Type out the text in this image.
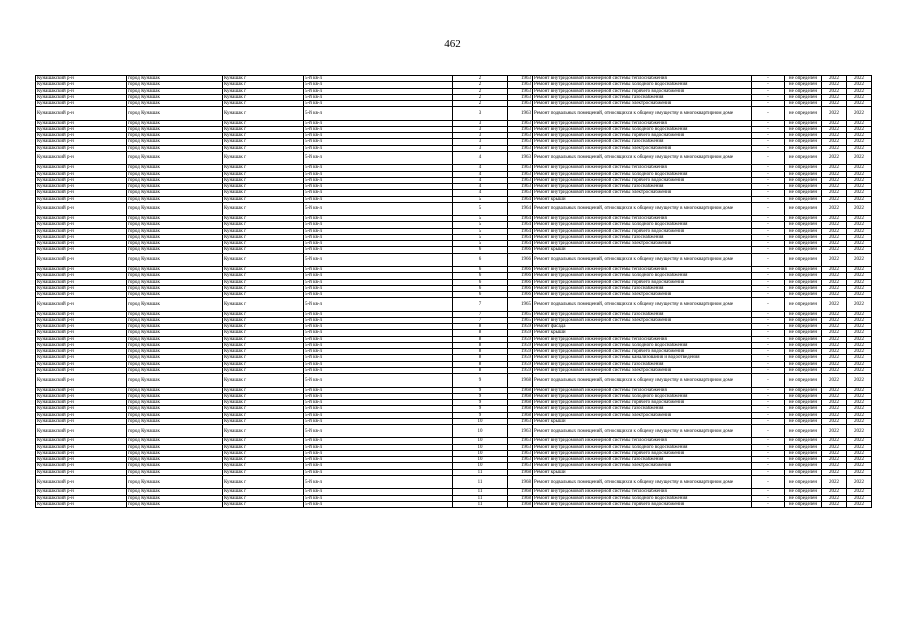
462
Кунашакский р-н	город Кунашак	Кунашак г	5-й кв-л	2	1963	Ремонт внутридомовой инженерной системы теплоснабжения	-	не определен	2022	2022
Кунашакский р-н	город Кунашак	Кунашак г	5-й кв-л	2	1963	Ремонт внутридомовой инженерной системы холодного водоснабжения	-	не определен	2022	2022
Кунашакский р-н	город Кунашак	Кунашак г	5-й кв-л	2	1963	Ремонт внутридомовой инженерной системы горячего водоснабжения	-	не определен	2022	2022
Кунашакский р-н	город Кунашак	Кунашак г	5-й кв-л	2	1963	Ремонт внутридомовой инженерной системы газоснабжения	-	не определен	2022	2022
Кунашакский р-н	город Кунашак	Кунашак г	5-й кв-л	2	1963	Ремонт внутридомовой инженерной системы электроснабжения	-	не определен	2022	2022
Кунашакский р-н	город Кунашак	Кунашак г	5-й кв-л	3	1963	Ремонт подвальных помещений, относящихся к общему имуществу в многоквартирном доме	-	не определен	2022	2022
Кунашакский р-н	город Кунашак	Кунашак г	5-й кв-л	3	1963	Ремонт внутридомовой инженерной системы теплоснабжения	-	не определен	2022	2022
Кунашакский р-н	город Кунашак	Кунашак г	5-й кв-л	3	1963	Ремонт внутридомовой инженерной системы холодного водоснабжения	-	не определен	2022	2022
Кунашакский р-н	город Кунашак	Кунашак г	5-й кв-л	3	1963	Ремонт внутридомовой инженерной системы горячего водоснабжения	-	не определен	2022	2022
Кунашакский р-н	город Кунашак	Кунашак г	5-й кв-л	3	1963	Ремонт внутридомовой инженерной системы газоснабжения	-	не определен	2022	2022
Кунашакский р-н	город Кунашак	Кунашак г	5-й кв-л	3	1963	Ремонт внутридомовой инженерной системы электроснабжения	-	не определен	2022	2022
Кунашакский р-н	город Кунашак	Кунашак г	5-й кв-л	4	1963	Ремонт подвальных помещений, относящихся к общему имуществу в многоквартирном доме	-	не определен	2022	2022
Кунашакский р-н	город Кунашак	Кунашак г	5-й кв-л	4	1963	Ремонт внутридомовой инженерной системы теплоснабжения	-	не определен	2022	2022
Кунашакский р-н	город Кунашак	Кунашак г	5-й кв-л	4	1963	Ремонт внутридомовой инженерной системы холодного водоснабжения	-	не определен	2022	2022
Кунашакский р-н	город Кунашак	Кунашак г	5-й кв-л	4	1963	Ремонт внутридомовой инженерной системы горячего водоснабжения	-	не определен	2022	2022
Кунашакский р-н	город Кунашак	Кунашак г	5-й кв-л	4	1963	Ремонт внутридомовой инженерной системы газоснабжения	-	не определен	2022	2022
Кунашакский р-н	город Кунашак	Кунашак г	5-й кв-л	4	1963	Ремонт внутридомовой инженерной системы электроснабжения	-	не определен	2022	2022
Кунашакский р-н	город Кунашак	Кунашак г	5-й кв-л	5	1964	Ремонт крыши	-	не определен	2022	2022
Кунашакский р-н	город Кунашак	Кунашак г	5-й кв-л	5	1964	Ремонт подвальных помещений, относящихся к общему имуществу в многоквартирном доме	-	не определен	2022	2022
Кунашакский р-н	город Кунашак	Кунашак г	5-й кв-л	5	1964	Ремонт внутридомовой инженерной системы теплоснабжения	-	не определен	2022	2022
Кунашакский р-н	город Кунашак	Кунашак г	5-й кв-л	5	1964	Ремонт внутридомовой инженерной системы холодного водоснабжения	-	не определен	2022	2022
Кунашакский р-н	город Кунашак	Кунашак г	5-й кв-л	5	1964	Ремонт внутридомовой инженерной системы горячего водоснабжения	-	не определен	2022	2022
Кунашакский р-н	город Кунашак	Кунашак г	5-й кв-л	5	1964	Ремонт внутридомовой инженерной системы газоснабжения	-	не определен	2022	2022
Кунашакский р-н	город Кунашак	Кунашак г	5-й кв-л	5	1964	Ремонт внутридомовой инженерной системы электроснабжения	-	не определен	2022	2022
Кунашакский р-н	город Кунашак	Кунашак г	5-й кв-л	6	1966	Ремонт крыши	-	не определен	2022	2022
Кунашакский р-н	город Кунашак	Кунашак г	5-й кв-л	6	1966	Ремонт подвальных помещений, относящихся к общему имуществу в многоквартирном доме	-	не определен	2022	2022
Кунашакский р-н	город Кунашак	Кунашак г	5-й кв-л	6	1966	Ремонт внутридомовой инженерной системы теплоснабжения	-	не определен	2022	2022
Кунашакский р-н	город Кунашак	Кунашак г	5-й кв-л	6	1966	Ремонт внутридомовой инженерной системы холодного водоснабжения	-	не определен	2022	2022
Кунашакский р-н	город Кунашак	Кунашак г	5-й кв-л	6	1966	Ремонт внутридомовой инженерной системы горячего водоснабжения	-	не определен	2022	2022
Кунашакский р-н	город Кунашак	Кунашак г	5-й кв-л	6	1966	Ремонт внутридомовой инженерной системы газоснабжения	-	не определен	2022	2022
Кунашакский р-н	город Кунашак	Кунашак г	5-й кв-л	6	1966	Ремонт внутридомовой инженерной системы электроснабжения	-	не определен	2022	2022
Кунашакский р-н	город Кунашак	Кунашак г	5-й кв-л	7	1965	Ремонт подвальных помещений, относящихся к общему имуществу в многоквартирном доме	-	не определен	2022	2022
Кунашакский р-н	город Кунашак	Кунашак г	5-й кв-л	7	1965	Ремонт внутридомовой инженерной системы газоснабжения	-	не определен	2022	2022
Кунашакский р-н	город Кунашак	Кунашак г	5-й кв-л	7	1965	Ремонт внутридомовой инженерной системы электроснабжения	-	не определен	2022	2022
Кунашакский р-н	город Кунашак	Кунашак г	5-й кв-л	8	1959	Ремонт фасада	-	не определен	2022	2022
Кунашакский р-н	город Кунашак	Кунашак г	5-й кв-л	8	1959	Ремонт крыши	-	не определен	2022	2022
Кунашакский р-н	город Кунашак	Кунашак г	5-й кв-л	8	1959	Ремонт внутридомовой инженерной системы теплоснабжения	-	не определен	2022	2022
Кунашакский р-н	город Кунашак	Кунашак г	5-й кв-л	8	1959	Ремонт внутридомовой инженерной системы холодного водоснабжения	-	не определен	2022	2022
Кунашакский р-н	город Кунашак	Кунашак г	5-й кв-л	8	1959	Ремонт внутридомовой инженерной системы горячего водоснабжения	-	не определен	2022	2022
Кунашакский р-н	город Кунашак	Кунашак г	5-й кв-л	8	1959	Ремонт внутридомовой инженерной системы канализования и водоотведения	-	не определен	2022	2022
Кунашакский р-н	город Кунашак	Кунашак г	5-й кв-л	8	1959	Ремонт внутридомовой инженерной системы газоснабжения	-	не определен	2022	2022
Кунашакский р-н	город Кунашак	Кунашак г	5-й кв-л	8	1959	Ремонт внутридомовой инженерной системы электроснабжения	-	не определен	2022	2022
Кунашакский р-н	город Кунашак	Кунашак г	5-й кв-л	9	1968	Ремонт подвальных помещений, относящихся к общему имуществу в многоквартирном доме	-	не определен	2022	2022
Кунашакский р-н	город Кунашак	Кунашак г	5-й кв-л	9	1968	Ремонт внутридомовой инженерной системы теплоснабжения	-	не определен	2022	2022
Кунашакский р-н	город Кунашак	Кунашак г	5-й кв-л	9	1968	Ремонт внутридомовой инженерной системы холодного водоснабжения	-	не определен	2022	2022
Кунашакский р-н	город Кунашак	Кунашак г	5-й кв-л	9	1968	Ремонт внутридомовой инженерной системы горячего водоснабжения	-	не определен	2022	2022
Кунашакский р-н	город Кунашак	Кунашак г	5-й кв-л	9	1968	Ремонт внутридомовой инженерной системы газоснабжения	-	не определен	2022	2022
Кунашакский р-н	город Кунашак	Кунашак г	5-й кв-л	9	1968	Ремонт внутридомовой инженерной системы электроснабжения	-	не определен	2022	2022
Кунашакский р-н	город Кунашак	Кунашак г	5-й кв-л	10	1963	Ремонт крыши	-	не определен	2022	2022
Кунашакский р-н	город Кунашак	Кунашак г	5-й кв-л	10	1963	Ремонт подвальных помещений, относящихся к общему имуществу в многоквартирном доме	-	не определен	2022	2022
Кунашакский р-н	город Кунашак	Кунашак г	5-й кв-л	10	1963	Ремонт внутридомовой инженерной системы теплоснабжения	-	не определен	2022	2022
Кунашакский р-н	город Кунашак	Кунашак г	5-й кв-л	10	1963	Ремонт внутридомовой инженерной системы холодного водоснабжения	-	не определен	2022	2022
Кунашакский р-н	город Кунашак	Кунашак г	5-й кв-л	10	1963	Ремонт внутридомовой инженерной системы горячего водоснабжения	-	не определен	2022	2022
Кунашакский р-н	город Кунашак	Кунашак г	5-й кв-л	10	1963	Ремонт внутридомовой инженерной системы газоснабжения	-	не определен	2022	2022
Кунашакский р-н	город Кунашак	Кунашак г	5-й кв-л	10	1963	Ремонт внутридомовой инженерной системы электроснабжения	-	не определен	2022	2022
Кунашакский р-н	город Кунашак	Кунашак г	5-й кв-л	11	1968	Ремонт крыши	-	не определен	2022	2022
Кунашакский р-н	город Кунашак	Кунашак г	5-й кв-л	11	1968	Ремонт подвальных помещений, относящихся к общему имуществу в многоквартирном доме	-	не определен	2022	2022
Кунашакский р-н	город Кунашак	Кунашак г	5-й кв-л	11	1968	Ремонт внутридомовой инженерной системы теплоснабжения	-	не определен	2022	2022
Кунашакский р-н	город Кунашак	Кунашак г	5-й кв-л	11	1968	Ремонт внутридомовой инженерной системы холодного водоснабжения	-	не определен	2022	2022
Кунашакский р-н	город Кунашак	Кунашак г	5-й кв-л	11	1968	Ремонт внутридомовой инженерной системы горячего водоснабжения	-	не определен	2022	2022
